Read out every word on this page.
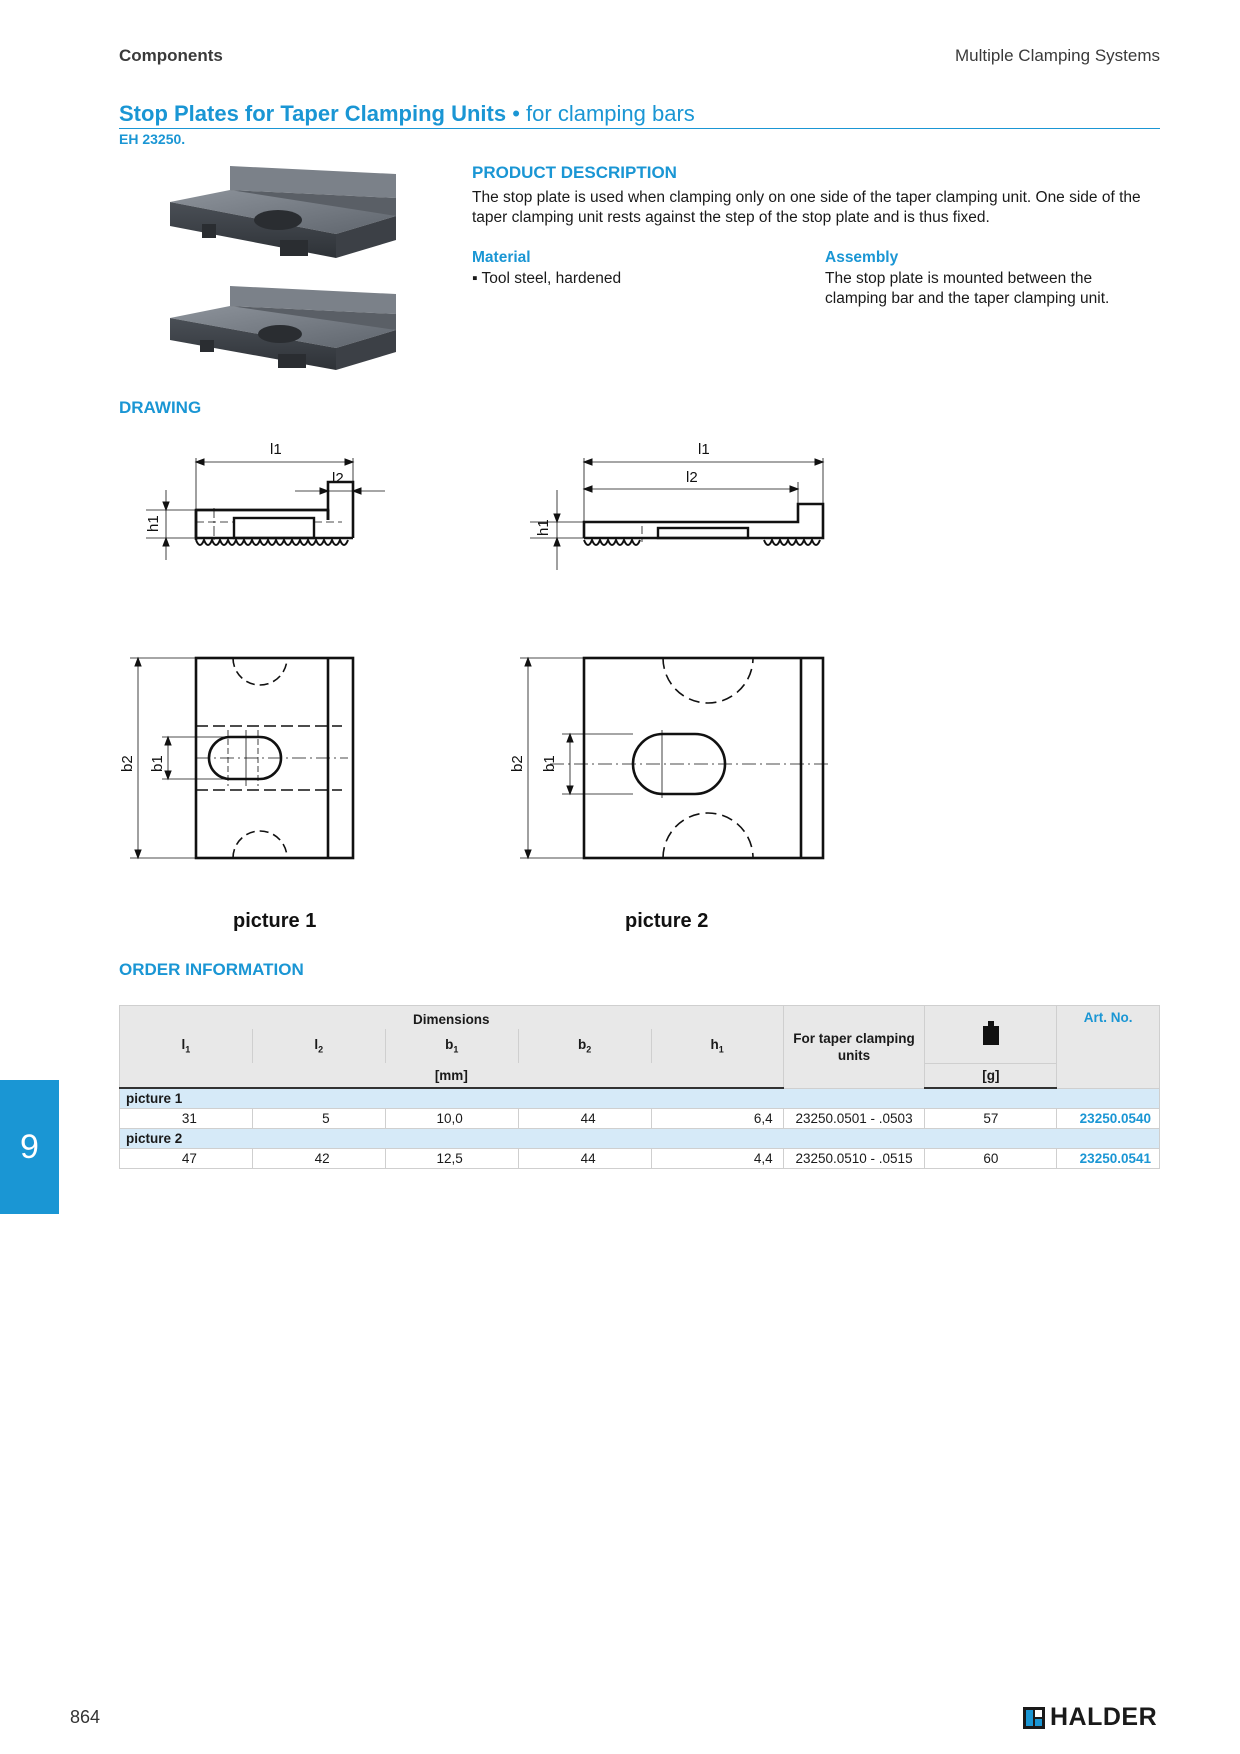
Components	Multiple Clamping Systems
Stop Plates for Taper Clamping Units • for clamping bars
EH 23250.
PRODUCT DESCRIPTION
The stop plate is used when clamping only on one side of the taper clamping unit. One side of the taper clamping unit rests against the step of the stop plate and is thus fixed.
Material
▪ Tool steel, hardened
Assembly
The stop plate is mounted between the clamping bar and the taper clamping unit.
DRAWING
l1
l2
l1
l2
h1	h1
b2 b1	b2 b1
picture 1	picture 2
ORDER INFORMATION
Dimensions					For taper clamping units		Art. No.
$l_1$	$l_2$	$b_1$	$b_2$	$h_1$
[mm]						[g]	
picture 1							
31	5	10,0	44	6,4	23250.0501 - .0503	57	23250.0540
picture 2							
47	42	12,5	44	4,4	23250.0510 - .0515	60	23250.0541
9
864	HALDER
